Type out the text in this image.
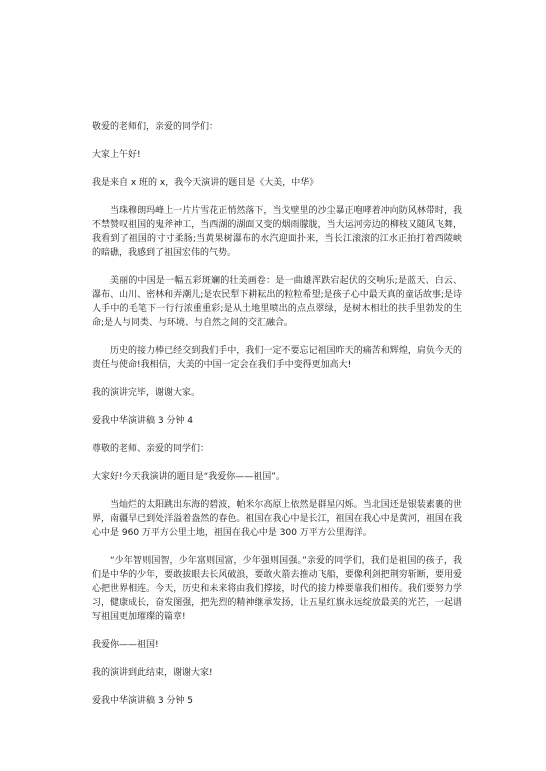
敬爱的老师们，亲爱的同学们：

大家上午好!

我是来自 x 班的 x，我今天演讲的题目是《大美，中华》

当珠穆朗玛峰上一片片雪花正悄然落下，当戈壁里的沙尘暴正咆哮着冲向防风林带时，我不禁赞叹祖国的鬼斧神工，当西湖的湖面又变的烟雨朦胧，当大运河旁边的柳枝又随风飞舞，我看到了祖国的寸寸柔肠;当黄果树瀑布的水汽迎面扑来，当长江滚滚的江水正拍打着西陵峡的暗礁，我感到了祖国宏伟的气势。

美丽的中国是一幅五彩斑斓的壮美画卷：是一曲雄浑跌宕起伏的交响乐;是蓝天、白云、瀑布、山川、密林和弄潮儿;是农民犁下耕耘出的粒粒希望;是孩子心中最天真的童话故事;是诗人手中的毛笔下一行行浓重重彩;是从土地里喷出的点点翠绿，是树木相壮的扶手里勃发的生命;是人与同类、与环境、与自然之间的交汇融合。

历史的接力棒已经交到我们手中，我们一定不要忘记祖国昨天的痛苦和辉煌，肩负今天的责任与使命!我相信，大美的中国一定会在我们手中变得更加高大!

我的演讲完毕，谢谢大家。

爱我中华演讲稿 3 分钟 4

尊敬的老师、亲爱的同学们：

大家好!今天我演讲的题目是“我爱你——祖国”。

当灿烂的太阳跳出东海的碧波，帕米尔高原上依然是群星闪烁。当北国还是银装素裹的世界，南疆早已到处洋溢着盎然的春色。祖国在我心中是长江，祖国在我心中是黄河，祖国在我心中是 960 万平方公里土地，祖国在我心中是 300 万平方公里海洋。

“少年智则国智，少年富则国富，少年强则国强。”亲爱的同学们，我们是祖国的孩子，我们是中华的少年，要敢拔眼去长风破浪，要敢火箭去推动飞船，要像利剑把荆穷斩断，要用爱心把世界相连。今天，历史和未来将由我们撑接，时代的接力棒要靠我们相传。我们要努力学习，健康成长，奋发图强，把先烈的精神继承发扬，让五星红旗永远绽放最美的光芒，一起谱写祖国更加璀璨的篇章!

我爱你——祖国!

我的演讲到此结束，谢谢大家!

爱我中华演讲稿 3 分钟 5
